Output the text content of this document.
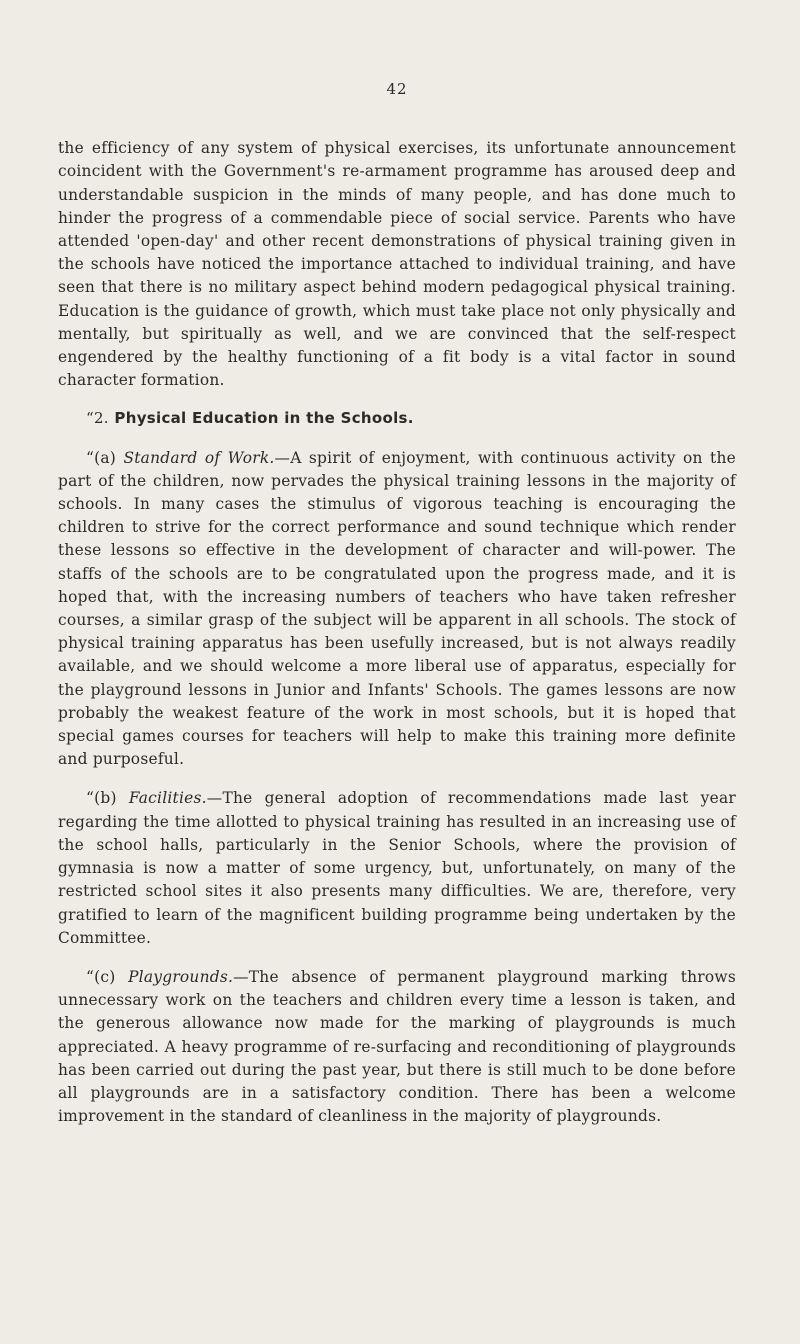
42

the efficiency of any system of physical exercises, its unfortunate announcement coincident with the Government's re-armament programme has aroused deep and understandable suspicion in the minds of many people, and has done much to hinder the progress of a commendable piece of social service. Parents who have attended 'open-day' and other recent demonstrations of physical training given in the schools have noticed the importance attached to individual training, and have seen that there is no military aspect behind modern pedagogical physical training. Education is the guidance of growth, which must take place not only physically and mentally, but spiritually as well, and we are convinced that the self-respect engendered by the healthy functioning of a fit body is a vital factor in sound character formation.

“2. Physical Education in the Schools.

“(a) Standard of Work.—A spirit of enjoyment, with continuous activity on the part of the children, now pervades the physical training lessons in the majority of schools. In many cases the stimulus of vigorous teaching is encouraging the children to strive for the correct performance and sound technique which render these lessons so effective in the development of character and will-power. The staffs of the schools are to be congratulated upon the progress made, and it is hoped that, with the increasing numbers of teachers who have taken refresher courses, a similar grasp of the subject will be apparent in all schools. The stock of physical training apparatus has been usefully increased, but is not always readily available, and we should welcome a more liberal use of apparatus, especially for the playground lessons in Junior and Infants' Schools. The games lessons are now probably the weakest feature of the work in most schools, but it is hoped that special games courses for teachers will help to make this training more definite and purposeful.

“(b) Facilities.—The general adoption of recommendations made last year regarding the time allotted to physical training has resulted in an increasing use of the school halls, particularly in the Senior Schools, where the provision of gymnasia is now a matter of some urgency, but, unfortunately, on many of the restricted school sites it also presents many difficulties. We are, therefore, very gratified to learn of the magnificent building programme being undertaken by the Committee.

“(c) Playgrounds.—The absence of permanent playground marking throws unnecessary work on the teachers and children every time a lesson is taken, and the generous allowance now made for the marking of playgrounds is much appreciated. A heavy programme of re-surfacing and reconditioning of playgrounds has been carried out during the past year, but there is still much to be done before all playgrounds are in a satisfactory condition. There has been a welcome improvement in the standard of cleanliness in the majority of playgrounds.
